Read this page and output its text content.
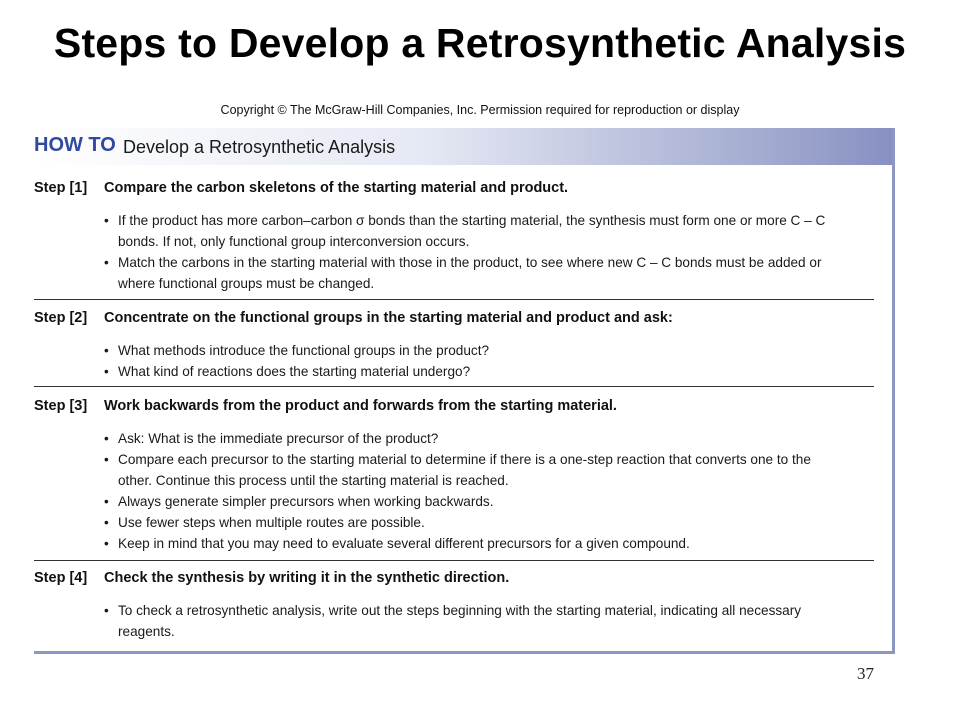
Steps to Develop a Retrosynthetic Analysis
Copyright © The McGraw-Hill Companies, Inc. Permission required for reproduction or display
HOW TO Develop a Retrosynthetic Analysis
Step [1] Compare the carbon skeletons of the starting material and product.
• If the product has more carbon–carbon σ bonds than the starting material, the synthesis must form one or more C – C
bonds. If not, only functional group interconversion occurs.
• Match the carbons in the starting material with those in the product, to see where new C – C bonds must be added or
where functional groups must be changed.
Step [2] Concentrate on the functional groups in the starting material and product and ask:
• What methods introduce the functional groups in the product?
• What kind of reactions does the starting material undergo?
Step [3] Work backwards from the product and forwards from the starting material.
• Ask: What is the immediate precursor of the product?
• Compare each precursor to the starting material to determine if there is a one-step reaction that converts one to the
other. Continue this process until the starting material is reached.
• Always generate simpler precursors when working backwards.
• Use fewer steps when multiple routes are possible.
• Keep in mind that you may need to evaluate several different precursors for a given compound.
Step [4] Check the synthesis by writing it in the synthetic direction.
• To check a retrosynthetic analysis, write out the steps beginning with the starting material, indicating all necessary
reagents.
37
